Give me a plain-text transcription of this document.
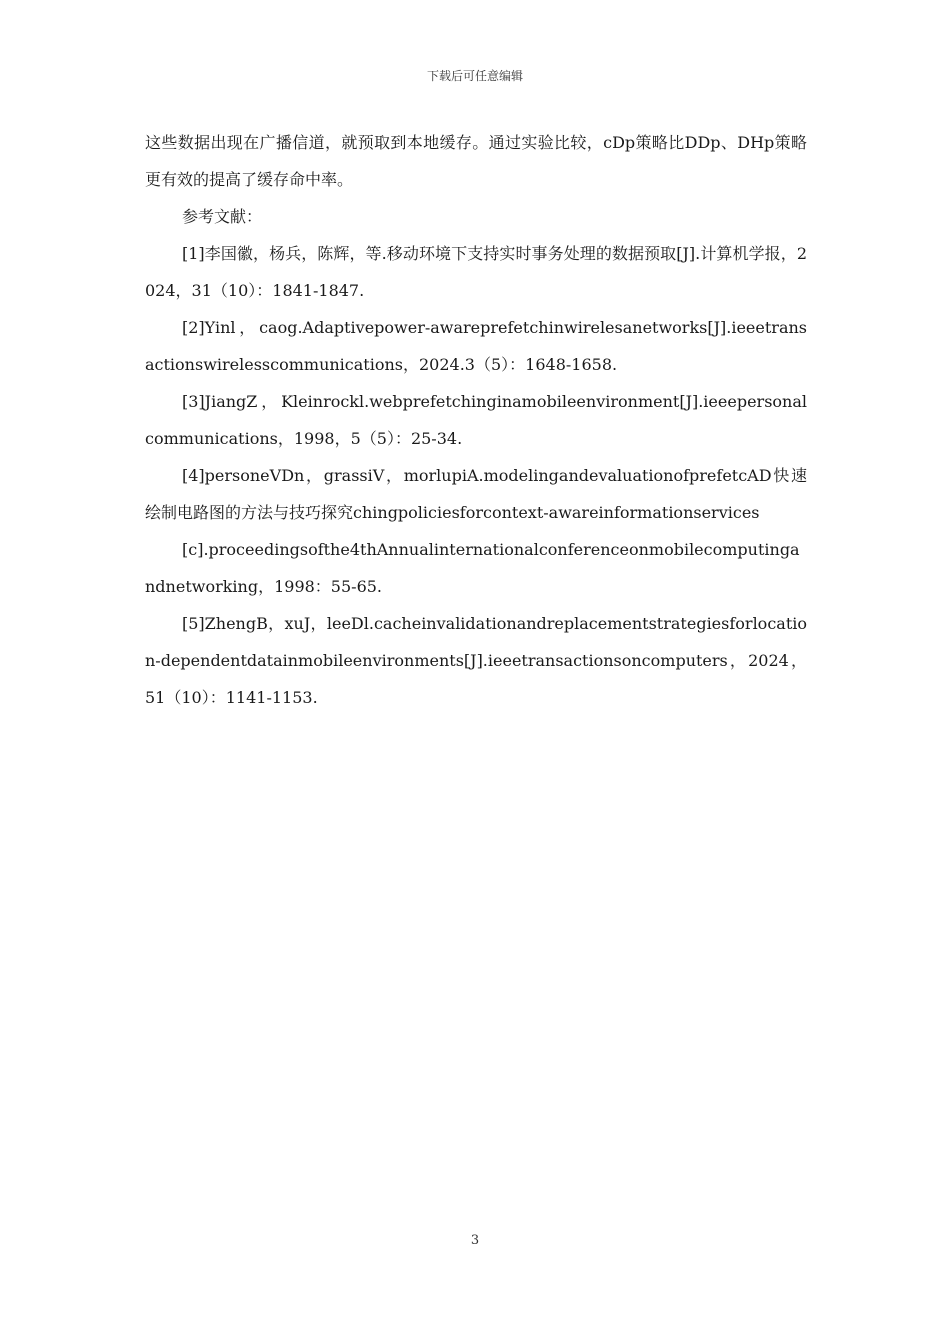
下载后可任意编辑

这些数据出现在广播信道，就预取到本地缓存。通过实验比较，cDp策略比DDp、DHp策略更有效的提高了缓存命中率。

参考文献：

[1]李国徽，杨兵，陈辉，等.移动环境下支持实时事务处理的数据预取[J].计算机学报，2024，31（10）：1841-1847.

[2]Yinl，caog.Adaptivepower-awareprefetchinwirelesanetworks[J].ieeetransactionswirelesscommunications，2024.3（5）：1648-1658.

[3]JiangZ，Kleinrockl.webprefetchinginamobileenvironment[J].ieeepersonalcommunications，1998，5（5）：25-34.

[4]personeVDn，grassiV，morlupiA.modelingandevaluationofprefetcAD快速绘制电路图的方法与技巧探究chingpoliciesforcontext-awareinformationservices

[c].proceedingsofthe4thAnnualinternationalconferenceonmobilecomputingandnetworking，1998：55-65.

[5]ZhengB，xuJ，leeDl.cacheinvalidationandreplacementstrategiesforlocation-dependentdatainmobileenvironments[J].ieeetransactionsoncomputers，2024，51（10）：1141-1153.

3
